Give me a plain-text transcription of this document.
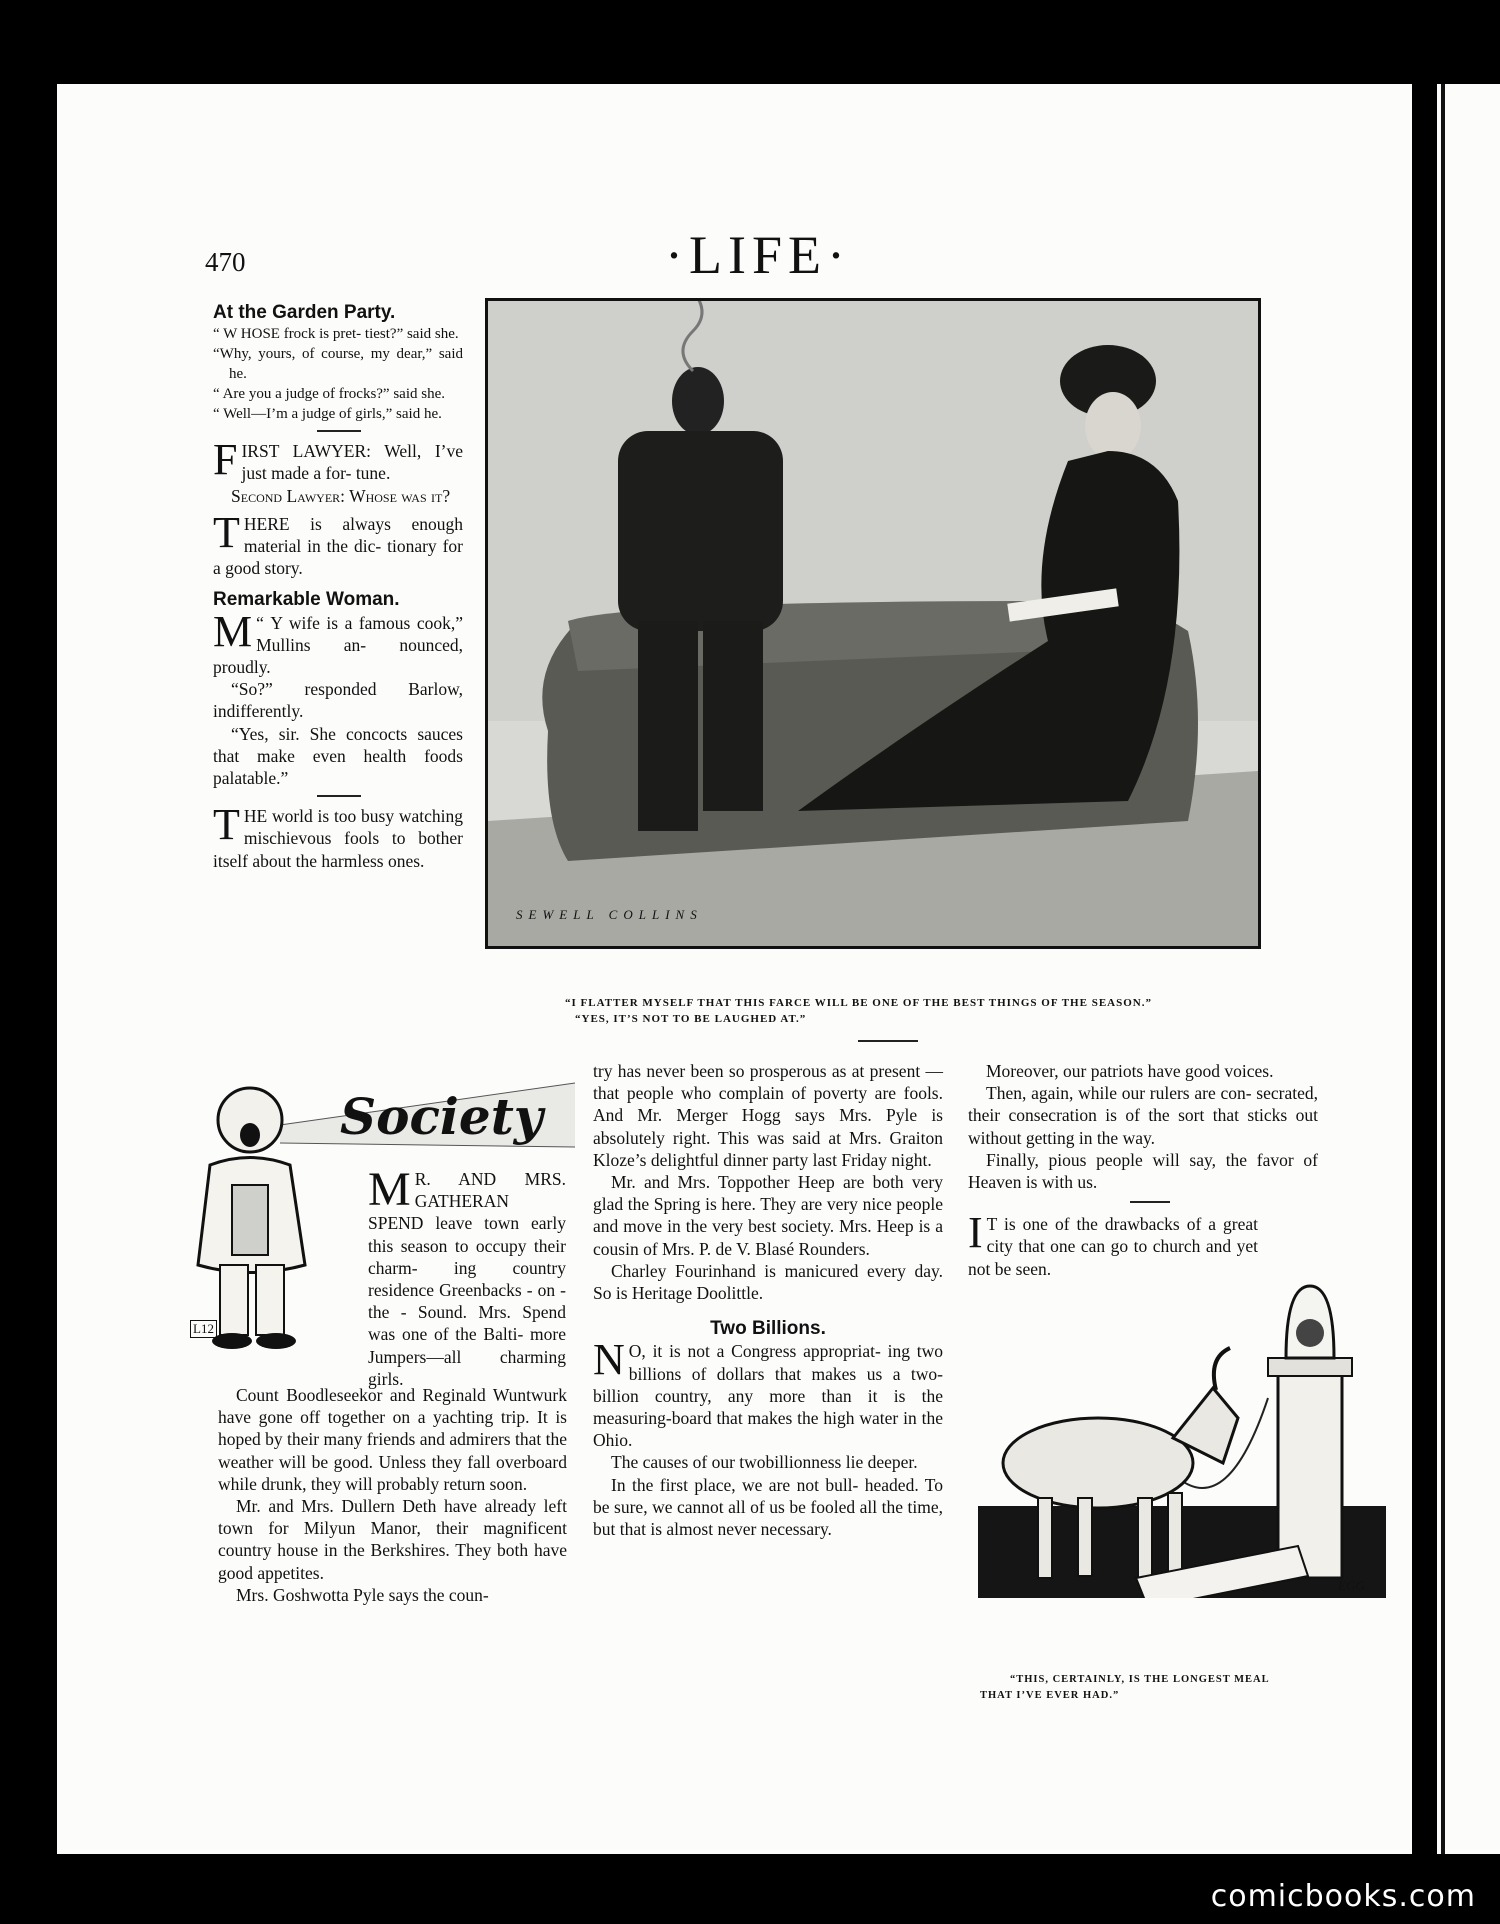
470	·LIFE·

At the Garden Party.

“ W HOSE frock is pret- tiest?” said she.

“Why, yours, of course, my dear,” said he.

“ Are you a judge of frocks?” said she.

“ Well—I’m a judge of girls,” said he.

FIRST LAWYER: Well, I’ve just made a for- tune.

Second Lawyer: Whose was it?

THERE is always enough material in the dic- tionary for a good story.

Remarkable Woman.

“
M Y wife is a famous cook,” Mullins an- nounced, proudly.

“So?” responded Barlow, indifferently.

“Yes, sir. She concocts sauces that make even health foods palatable.”

THE world is too busy watching mischievous fools to bother itself about the harmless ones.

SEWELL COLLINS
“I FLATTER MYSELF THAT THIS FARCE WILL BE ONE OF THE BEST THINGS OF THE SEASON.”
“YES, IT’S NOT TO BE LAUGHED AT.”
Society
L12

M R. AND MRS. GATHERAN SPEND leave town early this season to occupy their charm- ing country residence Greenbacks - on - the - Sound. Mrs. Spend was one of the Balti- more Jumpers—all charming girls.

Count Boodleseekor and Reginald Wuntwurk have gone off together on a yachting trip. It is hoped by their many friends and admirers that the weather will be good. Unless they fall overboard while drunk, they will probably return soon.

Mr. and Mrs. Dullern Deth have already left town for Milyun Manor, their magnificent country house in the Berkshires. They both have good appetites.

Mrs. Goshwotta Pyle says the coun-

try has never been so prosperous as at present — that people who complain of poverty are fools. And Mr. Merger Hogg says Mrs. Pyle is absolutely right. This was said at Mrs. Graiton Kloze’s delightful dinner party last Friday night.

Mr. and Mrs. Toppother Heep are both very glad the Spring is here. They are very nice people and move in the very best society. Mrs. Heep is a cousin of Mrs. P. de V. Blasé Rounders.

Charley Fourinhand is manicured every day. So is Heritage Doolittle.

Two Billions.

N O, it is not a Congress appropriat- ing two billions of dollars that makes us a two-billion country, any more than it is the measuring-board that makes the high water in the Ohio.

The causes of our twobillionness lie deeper.

In the first place, we are not bull- headed. To be sure, we cannot all of us be fooled all the time, but that is almost never necessary.

Moreover, our patriots have good voices.

Then, again, while our rulers are con- secrated, their consecration is of the sort that sticks out without getting in the way.

Finally, pious people will say, the favor of Heaven is with us.

I T is one of the drawbacks of a great city that one can go to church and yet not be seen.

EGG
“THIS, CERTAINLY, IS THE LONGEST MEAL
THAT I’VE EVER HAD.”
comicbooks.com
